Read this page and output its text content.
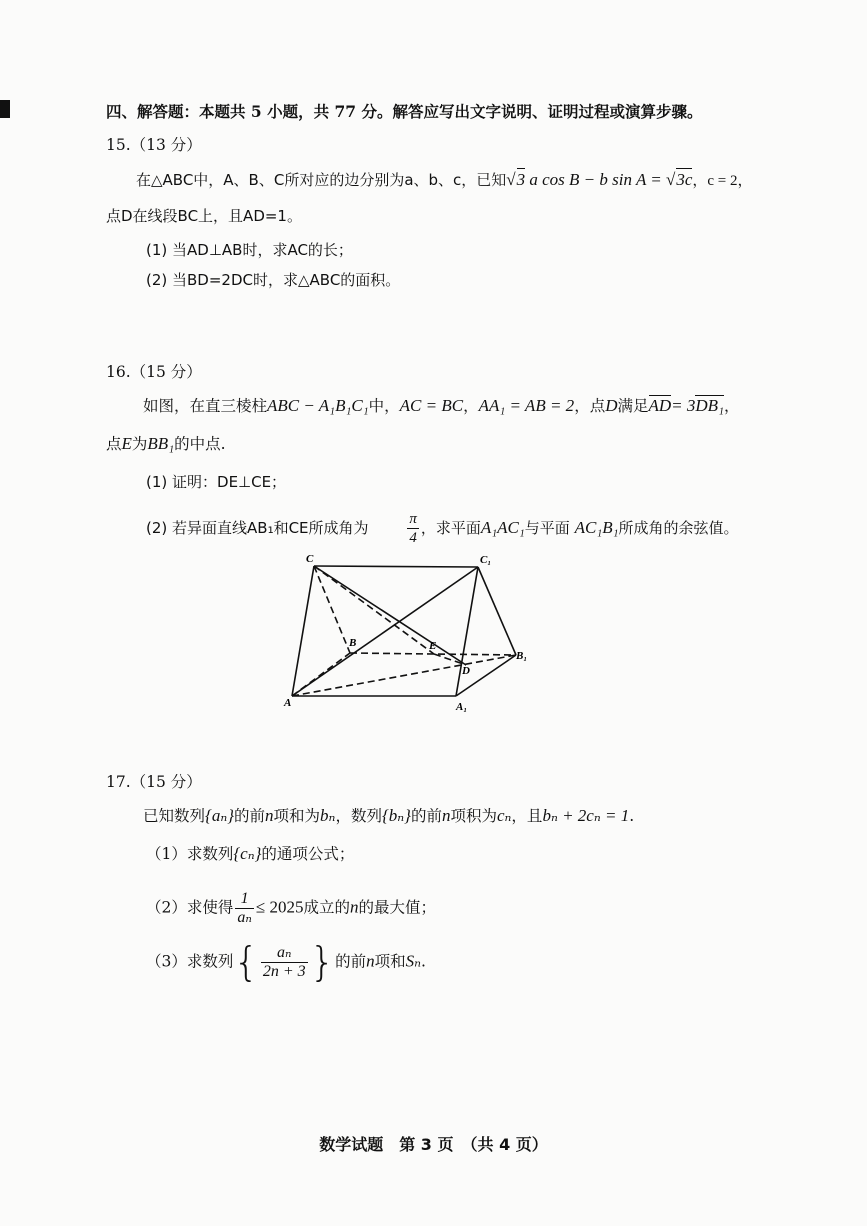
四、解答题：本题共 5 小题，共 77 分。解答应写出文字说明、证明过程或演算步骤。
15.（13 分）
在△ABC中，A、B、C所对应的边分别为a、b、c，已知√3 a cos B − b sin A = √3c，c = 2，
点D在线段BC上，且AD=1。
(1) 当AD⊥AB时，求AC的长；
(2) 当BD=2DC时，求△ABC的面积。
16.（15 分）
如图，在直三棱柱ABC − A₁B₁C₁中，AC = BC，AA₁ = AB = 2，点D满足AD= 3DB₁，
点E为BB₁的中点.
(1) 证明：DE⊥CE；
(2) 若异面直线AB₁和CE所成角为	$\frac{\pi}{4}$ ，求平面A₁AC₁与平面 AC₁B₁所成角的余弦值。
C	C₁
B	E
B₁
D
A	A₁
17.（15 分）
已知数列{aₙ}的前n项和为bₙ，数列{bₙ}的前n项积为cₙ，且bₙ + 2cₙ = 1.
（1）求数列{cₙ}的通项公式；
（2）求使得 $\frac{1}{\text{aₙ}} \le 2025$成立的n的最大值；
（3）求数列{ $\frac{\text{aₙ}}{2n + 3}$ }的前n项和Sₙ.
数学试题　第 3 页　（共 4 页）
